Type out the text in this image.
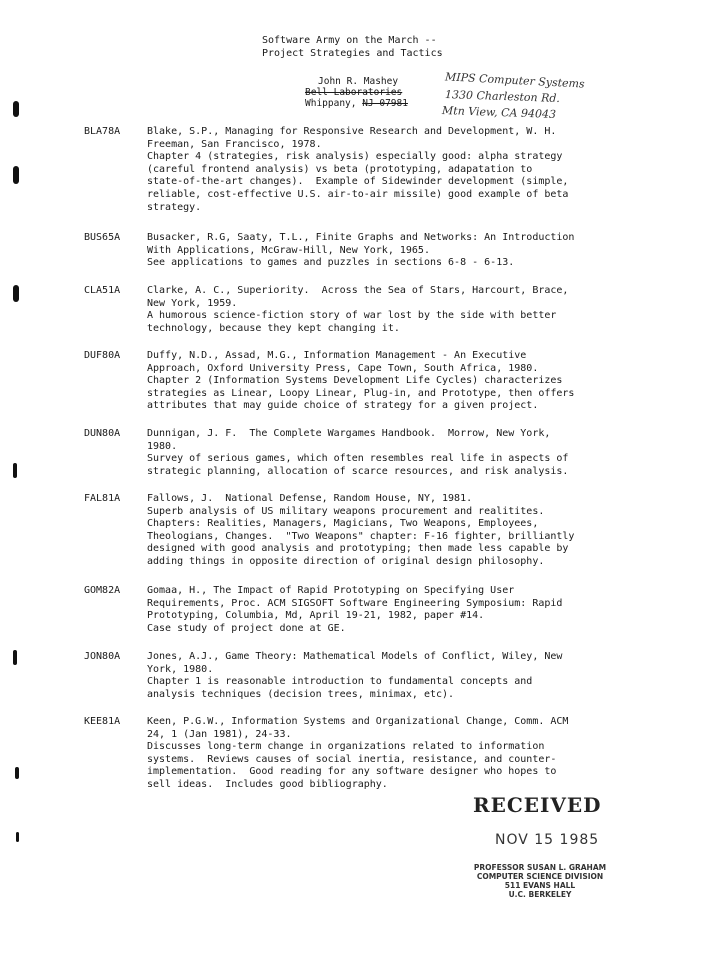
Software Army on the March --
Project Strategies and Tactics
John R. Mashey
Bell Laboratories
Whippany, NJ 07981
MIPS Computer Systems
1330 Charleston Rd.
Mtn View, CA 94043
BLA78A	Blake, S.P., Managing for Responsive Research and Development, W. H.
Freeman, San Francisco, 1978.
Chapter 4 (strategies, risk analysis) especially good: alpha strategy
(careful frontend analysis) vs beta (prototyping, adapatation to
state-of-the-art changes).  Example of Sidewinder development (simple,
reliable, cost-effective U.S. air-to-air missile) good example of beta
strategy.
BUS65A	Busacker, R.G, Saaty, T.L., Finite Graphs and Networks: An Introduction
With Applications, McGraw-Hill, New York, 1965.
See applications to games and puzzles in sections 6-8 - 6-13.
CLA51A	Clarke, A. C., Superiority.  Across the Sea of Stars, Harcourt, Brace,
New York, 1959.
A humorous science-fiction story of war lost by the side with better
technology, because they kept changing it.
DUF80A	Duffy, N.D., Assad, M.G., Information Management - An Executive
Approach, Oxford University Press, Cape Town, South Africa, 1980.
Chapter 2 (Information Systems Development Life Cycles) characterizes
strategies as Linear, Loopy Linear, Plug-in, and Prototype, then offers
attributes that may guide choice of strategy for a given project.
DUN80A	Dunnigan, J. F.  The Complete Wargames Handbook.  Morrow, New York,
1980.
Survey of serious games, which often resembles real life in aspects of
strategic planning, allocation of scarce resources, and risk analysis.
FAL81A	Fallows, J.  National Defense, Random House, NY, 1981.
Superb analysis of US military weapons procurement and realitites.
Chapters: Realities, Managers, Magicians, Two Weapons, Employees,
Theologians, Changes.  "Two Weapons" chapter: F-16 fighter, brilliantly
designed with good analysis and prototyping; then made less capable by
adding things in opposite direction of original design philosophy.
GOM82A	Gomaa, H., The Impact of Rapid Prototyping on Specifying User
Requirements, Proc. ACM SIGSOFT Software Engineering Symposium: Rapid
Prototyping, Columbia, Md, April 19-21, 1982, paper #14.
Case study of project done at GE.
JON80A	Jones, A.J., Game Theory: Mathematical Models of Conflict, Wiley, New
York, 1980.
Chapter 1 is reasonable introduction to fundamental concepts and
analysis techniques (decision trees, minimax, etc).
KEE81A	Keen, P.G.W., Information Systems and Organizational Change, Comm. ACM
24, 1 (Jan 1981), 24-33.
Discusses long-term change in organizations related to information
systems.  Reviews causes of social inertia, resistance, and counter-
implementation.  Good reading for any software designer who hopes to
sell ideas.  Includes good bibliography.
RECEIVED
NOV 15 1985
PROFESSOR SUSAN L. GRAHAM
COMPUTER SCIENCE DIVISION
511 EVANS HALL
U.C. BERKELEY
